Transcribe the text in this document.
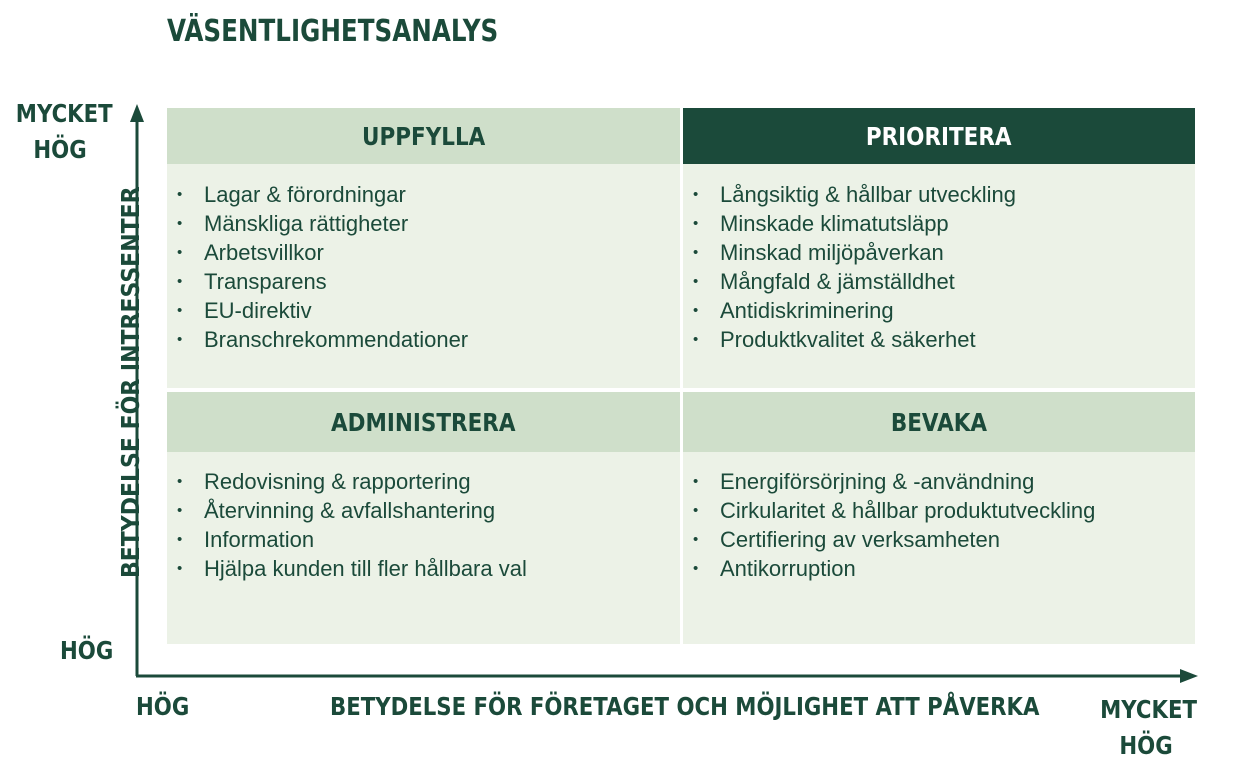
VÄSENTLIGHETSANALYS
MYCKET
HÖG
HÖG
BETYDELSE FÖR INTRESSENTER
HÖG	BETYDELSE FÖR FÖRETAGET OCH MÖJLIGHET ATT PÅVERKA MYCKET
HÖG
UPPFYLLA
• Lagar & förordningar
• Mänskliga rättigheter
• Arbetsvillkor
• Transparens
• EU-direktiv
• Branschrekommendationer
PRIORITERA
• Långsiktig & hållbar utveckling
• Minskade klimatutsläpp
• Minskad miljöpåverkan
• Mångfald & jämställdhet
• Antidiskriminering
• Produktkvalitet & säkerhet
ADMINISTRERA
• Redovisning & rapportering
• Återvinning & avfallshantering
• Information
• Hjälpa kunden till fler hållbara val
BEVAKA
• Energiförsörjning & -användning
• Cirkularitet & hållbar produktutveckling
• Certifiering av verksamheten
• Antikorruption
